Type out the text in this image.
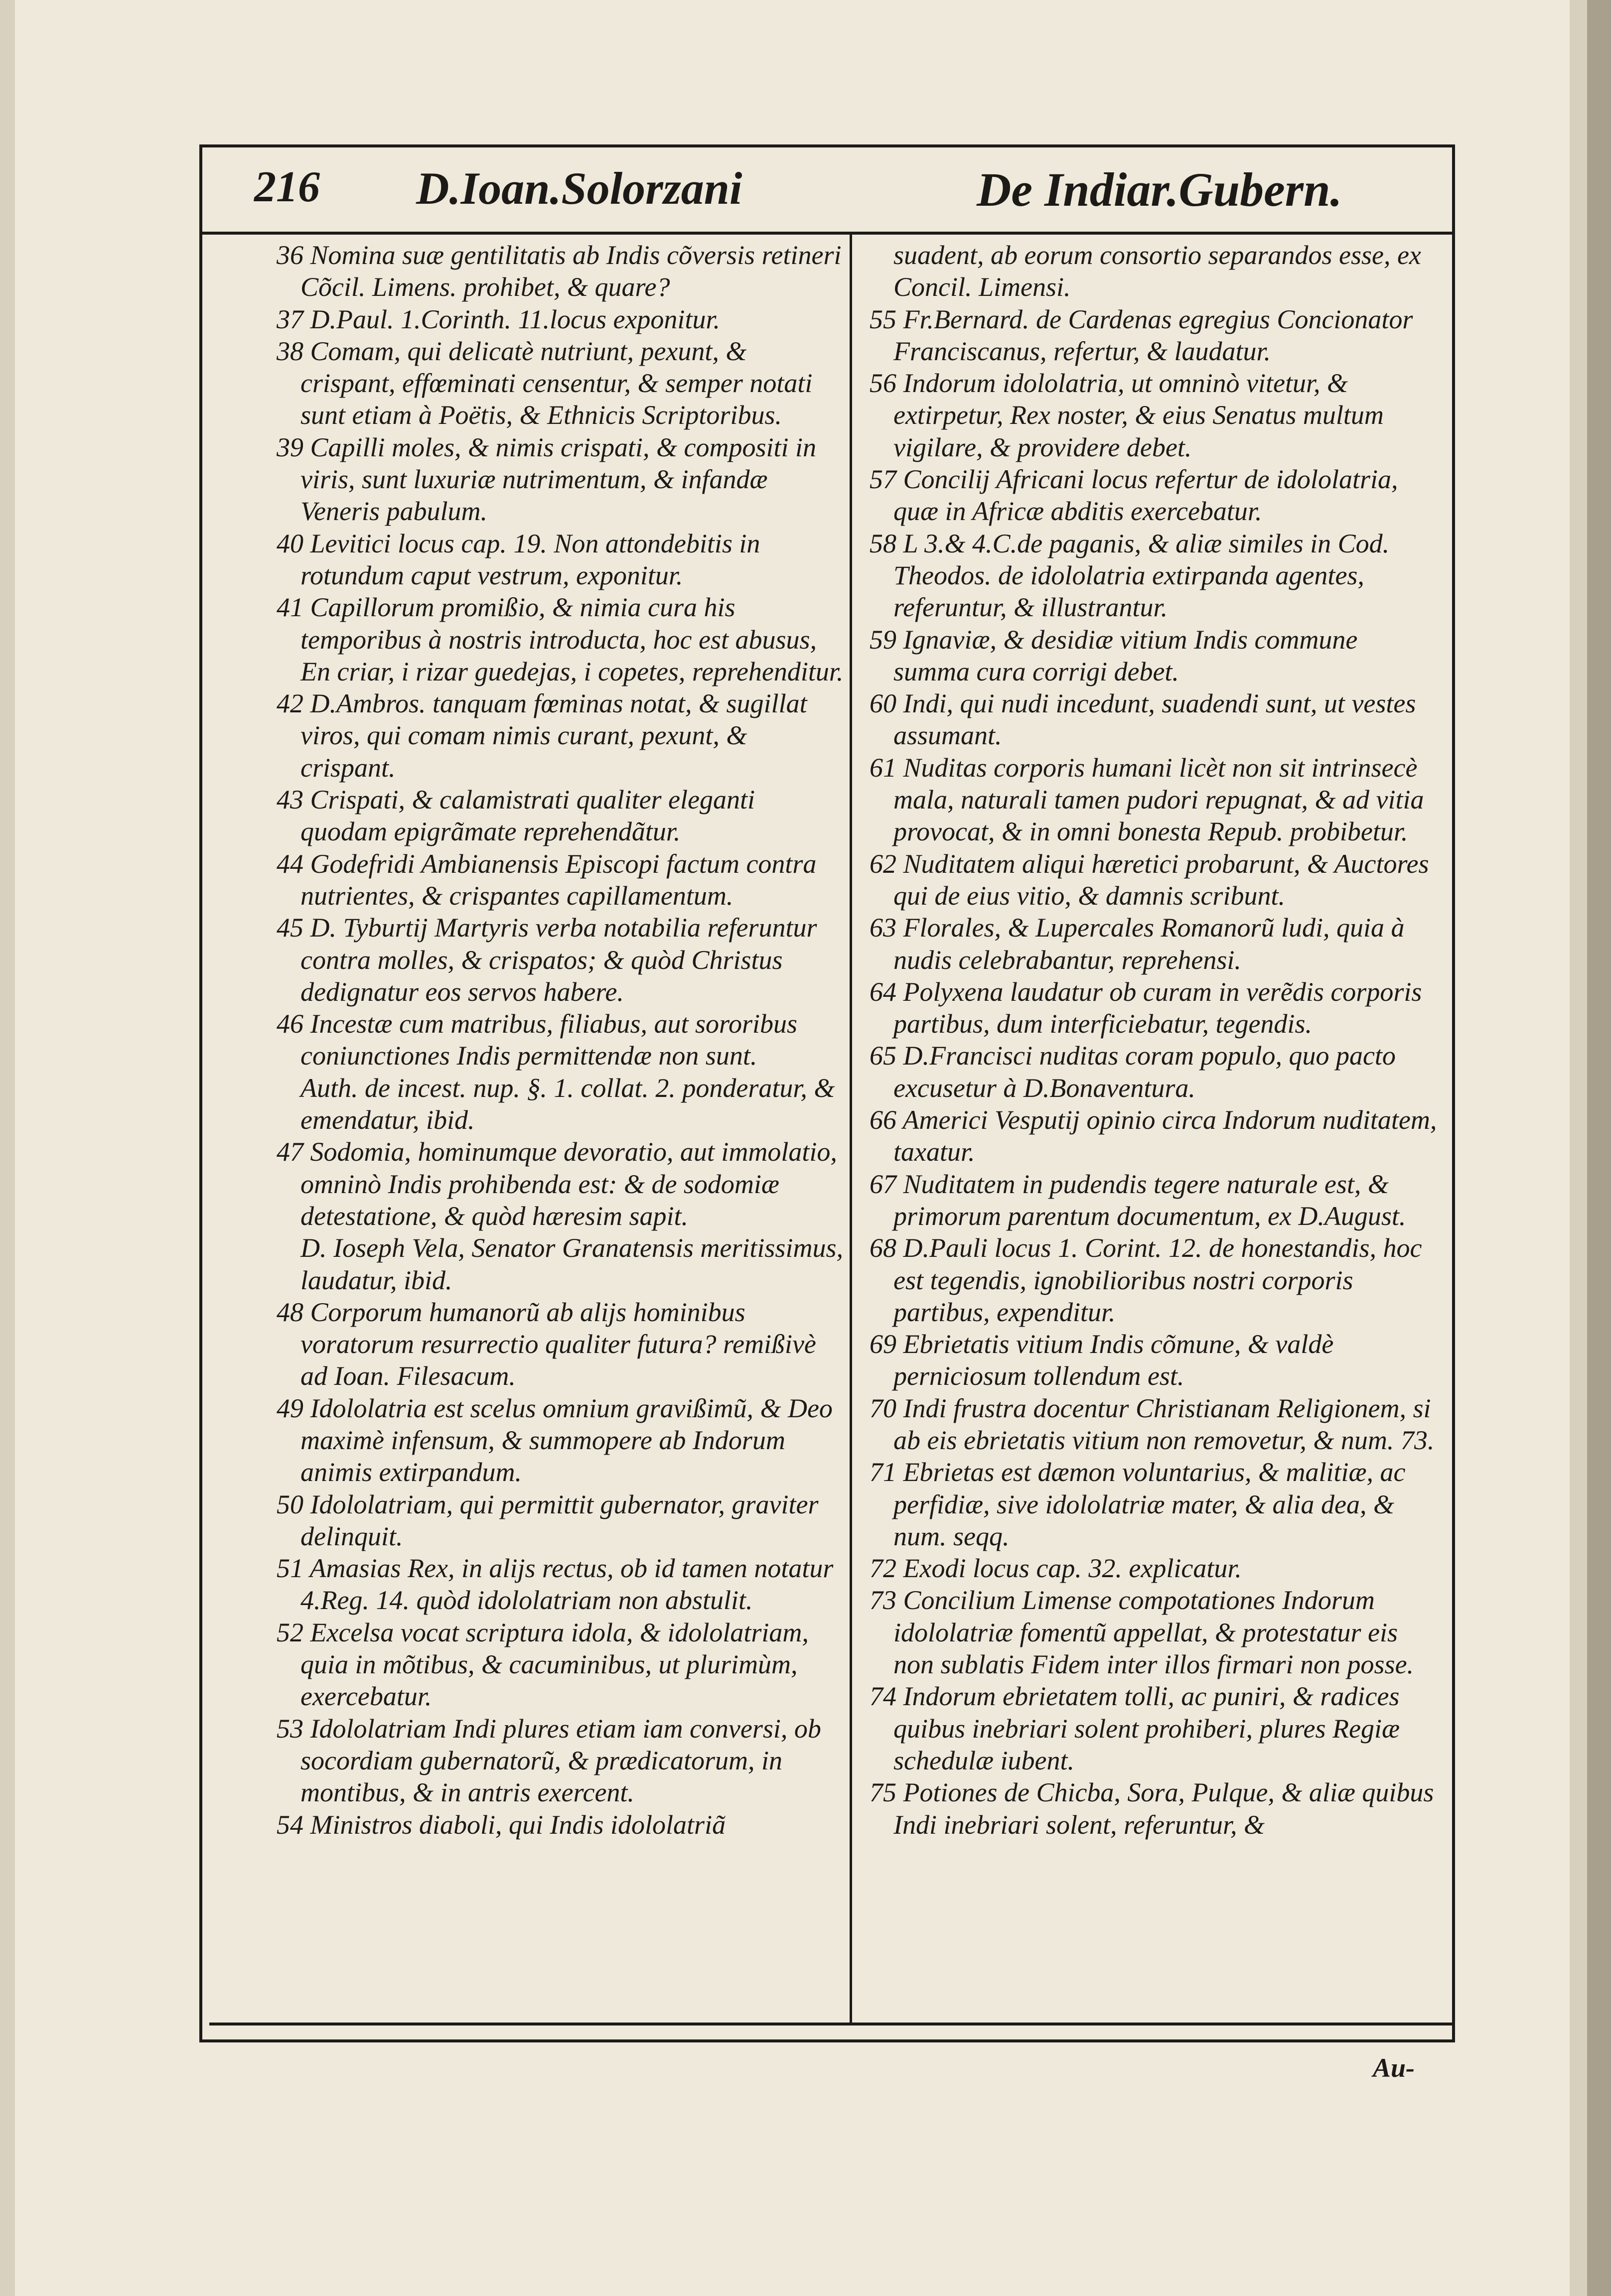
216 D.Ioan.Solorzani	De Indiar.Gubern.

36 Nomina suæ gentilitatis ab Indis cõversis retineri Cõcil. Limens. prohibet, & quare?

37 D.Paul. 1.Corinth. 11.locus exponitur.

38 Comam, qui delicatè nutriunt, pexunt, & crispant, effœminati censentur, & semper notati sunt etiam à Poëtis, & Ethnicis Scriptoribus.

39 Capilli moles, & nimis crispati, & compositi in viris, sunt luxuriæ nutrimentum, & infandæ Veneris pabulum.

40 Levitici locus cap. 19. Non attondebitis in rotundum caput vestrum, exponitur.

41 Capillorum promißio, & nimia cura his temporibus à nostris introducta, hoc est abusus, En criar, i rizar guedejas, i copetes, reprehenditur.

42 D.Ambros. tanquam fœminas notat, & sugillat viros, qui comam nimis curant, pexunt, & crispant.

43 Crispati, & calamistrati qualiter eleganti quodam epigrãmate reprehendãtur.

44 Godefridi Ambianensis Episcopi factum contra nutrientes, & crispantes capillamentum.

45 D. Tyburtij Martyris verba notabilia referuntur contra molles, & crispatos; & quòd Christus dedignatur eos servos habere.

46 Incestæ cum matribus, filiabus, aut sororibus coniunctiones Indis permittendæ non sunt.

Auth. de incest. nup. §. 1. collat. 2. ponderatur, & emendatur, ibid.

47 Sodomia, hominumque devoratio, aut immolatio, omninò Indis prohibenda est: & de sodomiæ detestatione, & quòd hæresim sapit.

D. Ioseph Vela, Senator Granatensis meritissimus, laudatur, ibid.

48 Corporum humanorũ ab alijs hominibus voratorum resurrectio qualiter futura? remißivè ad Ioan. Filesacum.

49 Idololatria est scelus omnium gravißimũ, & Deo maximè infensum, & summopere ab Indorum animis extirpandum.

50 Idololatriam, qui permittit gubernator, graviter delinquit.

51 Amasias Rex, in alijs rectus, ob id tamen notatur 4.Reg. 14. quòd idololatriam non abstulit.

52 Excelsa vocat scriptura idola, & idololatriam, quia in mõtibus, & cacuminibus, ut plurimùm, exercebatur.

53 Idololatriam Indi plures etiam iam conversi, ob socordiam gubernatorũ, & prædicatorum, in montibus, & in antris exercent.

54 Ministros diaboli, qui Indis idololatriã

suadent, ab eorum consortio separandos esse, ex Concil. Limensi.

55 Fr.Bernard. de Cardenas egregius Concionator Franciscanus, refertur, & laudatur.

56 Indorum idololatria, ut omninò vitetur, & extirpetur, Rex noster, & eius Senatus multum vigilare, & providere debet.

57 Concilij Africani locus refertur de idololatria, quæ in Africæ abditis exercebatur.

58 L 3.& 4.C.de paganis, & aliæ similes in Cod. Theodos. de idololatria extirpanda agentes, referuntur, & illustrantur.

59 Ignaviæ, & desidiæ vitium Indis commune summa cura corrigi debet.

60 Indi, qui nudi incedunt, suadendi sunt, ut vestes assumant.

61 Nuditas corporis humani licèt non sit intrinsecè mala, naturali tamen pudori repugnat, & ad vitia provocat, & in omni bonesta Repub. probibetur.

62 Nuditatem aliqui hæretici probarunt, & Auctores qui de eius vitio, & damnis scribunt.

63 Florales, & Lupercales Romanorũ ludi, quia à nudis celebrabantur, reprehensi.

64 Polyxena laudatur ob curam in verẽdis corporis partibus, dum interficiebatur, tegendis.

65 D.Francisci nuditas coram populo, quo pacto excusetur à D.Bonaventura.

66 Americi Vesputij opinio circa Indorum nuditatem, taxatur.

67 Nuditatem in pudendis tegere naturale est, & primorum parentum documentum, ex D.August.

68 D.Pauli locus 1. Corint. 12. de honestandis, hoc est tegendis, ignobilioribus nostri corporis partibus, expenditur.

69 Ebrietatis vitium Indis cõmune, & valdè perniciosum tollendum est.

70 Indi frustra docentur Christianam Religionem, si ab eis ebrietatis vitium non removetur, & num. 73.

71 Ebrietas est dæmon voluntarius, & malitiæ, ac perfidiæ, sive idololatriæ mater, & alia dea, & num. seqq.

72 Exodi locus cap. 32. explicatur.

73 Concilium Limense compotationes Indorum idololatriæ fomentũ appellat, & protestatur eis non sublatis Fidem inter illos firmari non posse.

74 Indorum ebrietatem tolli, ac puniri, & radices quibus inebriari solent prohiberi, plures Regiæ schedulæ iubent.

75 Potiones de Chicba, Sora, Pulque, & aliæ quibus Indi inebriari solent, referuntur, &

Au-
